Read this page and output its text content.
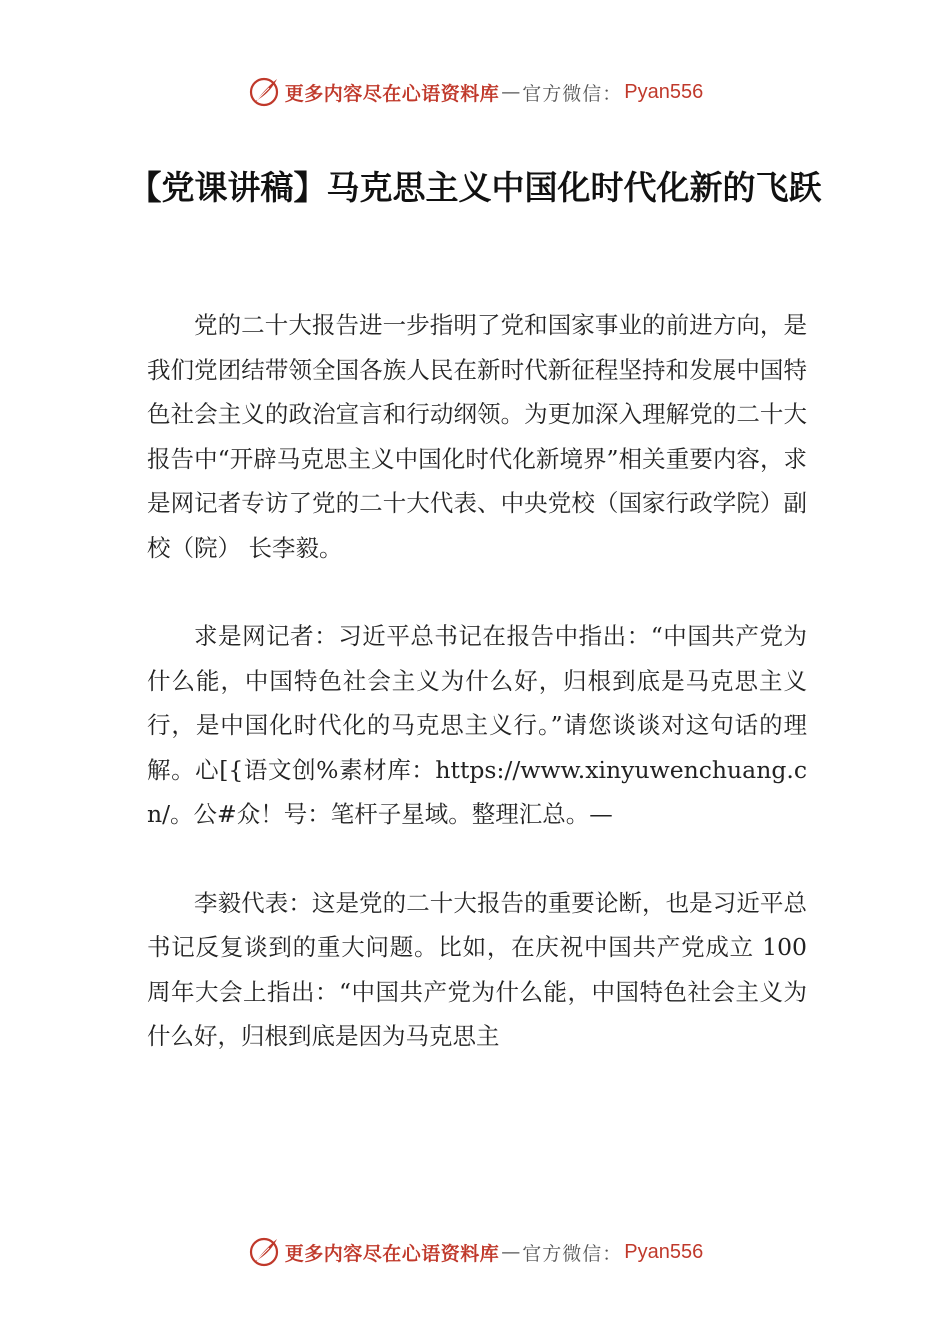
更多内容尽在心语资料库 — 官方微信： Pyan556
【党课讲稿】马克思主义中国化时代化新的飞跃

党的二十大报告进一步指明了党和国家事业的前进方向，是我们党团结带领全国各族人民在新时代新征程坚持和发展中国特色社会主义的政治宣言和行动纲领。为更加深入理解党的二十大报告中“开辟马克思主义中国化时代化新境界”相关重要内容，求是网记者专访了党的二十大代表、中央党校（国家行政学院）副校（院） 长李毅。

求是网记者：习近平总书记在报告中指出：“中国共产党为什么能，中国特色社会主义为什么好，归根到底是马克思主义行，是中国化时代化的马克思主义行。”请您谈谈对这句话的理解。心[{语文创%素材库：https://www.xinyuwenchuang.cn/。公#众！号：笔杆子星域。整理汇总。—

李毅代表：这是党的二十大报告的重要论断，也是习近平总书记反复谈到的重大问题。比如，在庆祝中国共产党成立 100 周年大会上指出：“中国共产党为什么能，中国特色社会主义为什么好，归根到底是因为马克思主

更多内容尽在心语资料库 — 官方微信： Pyan556
